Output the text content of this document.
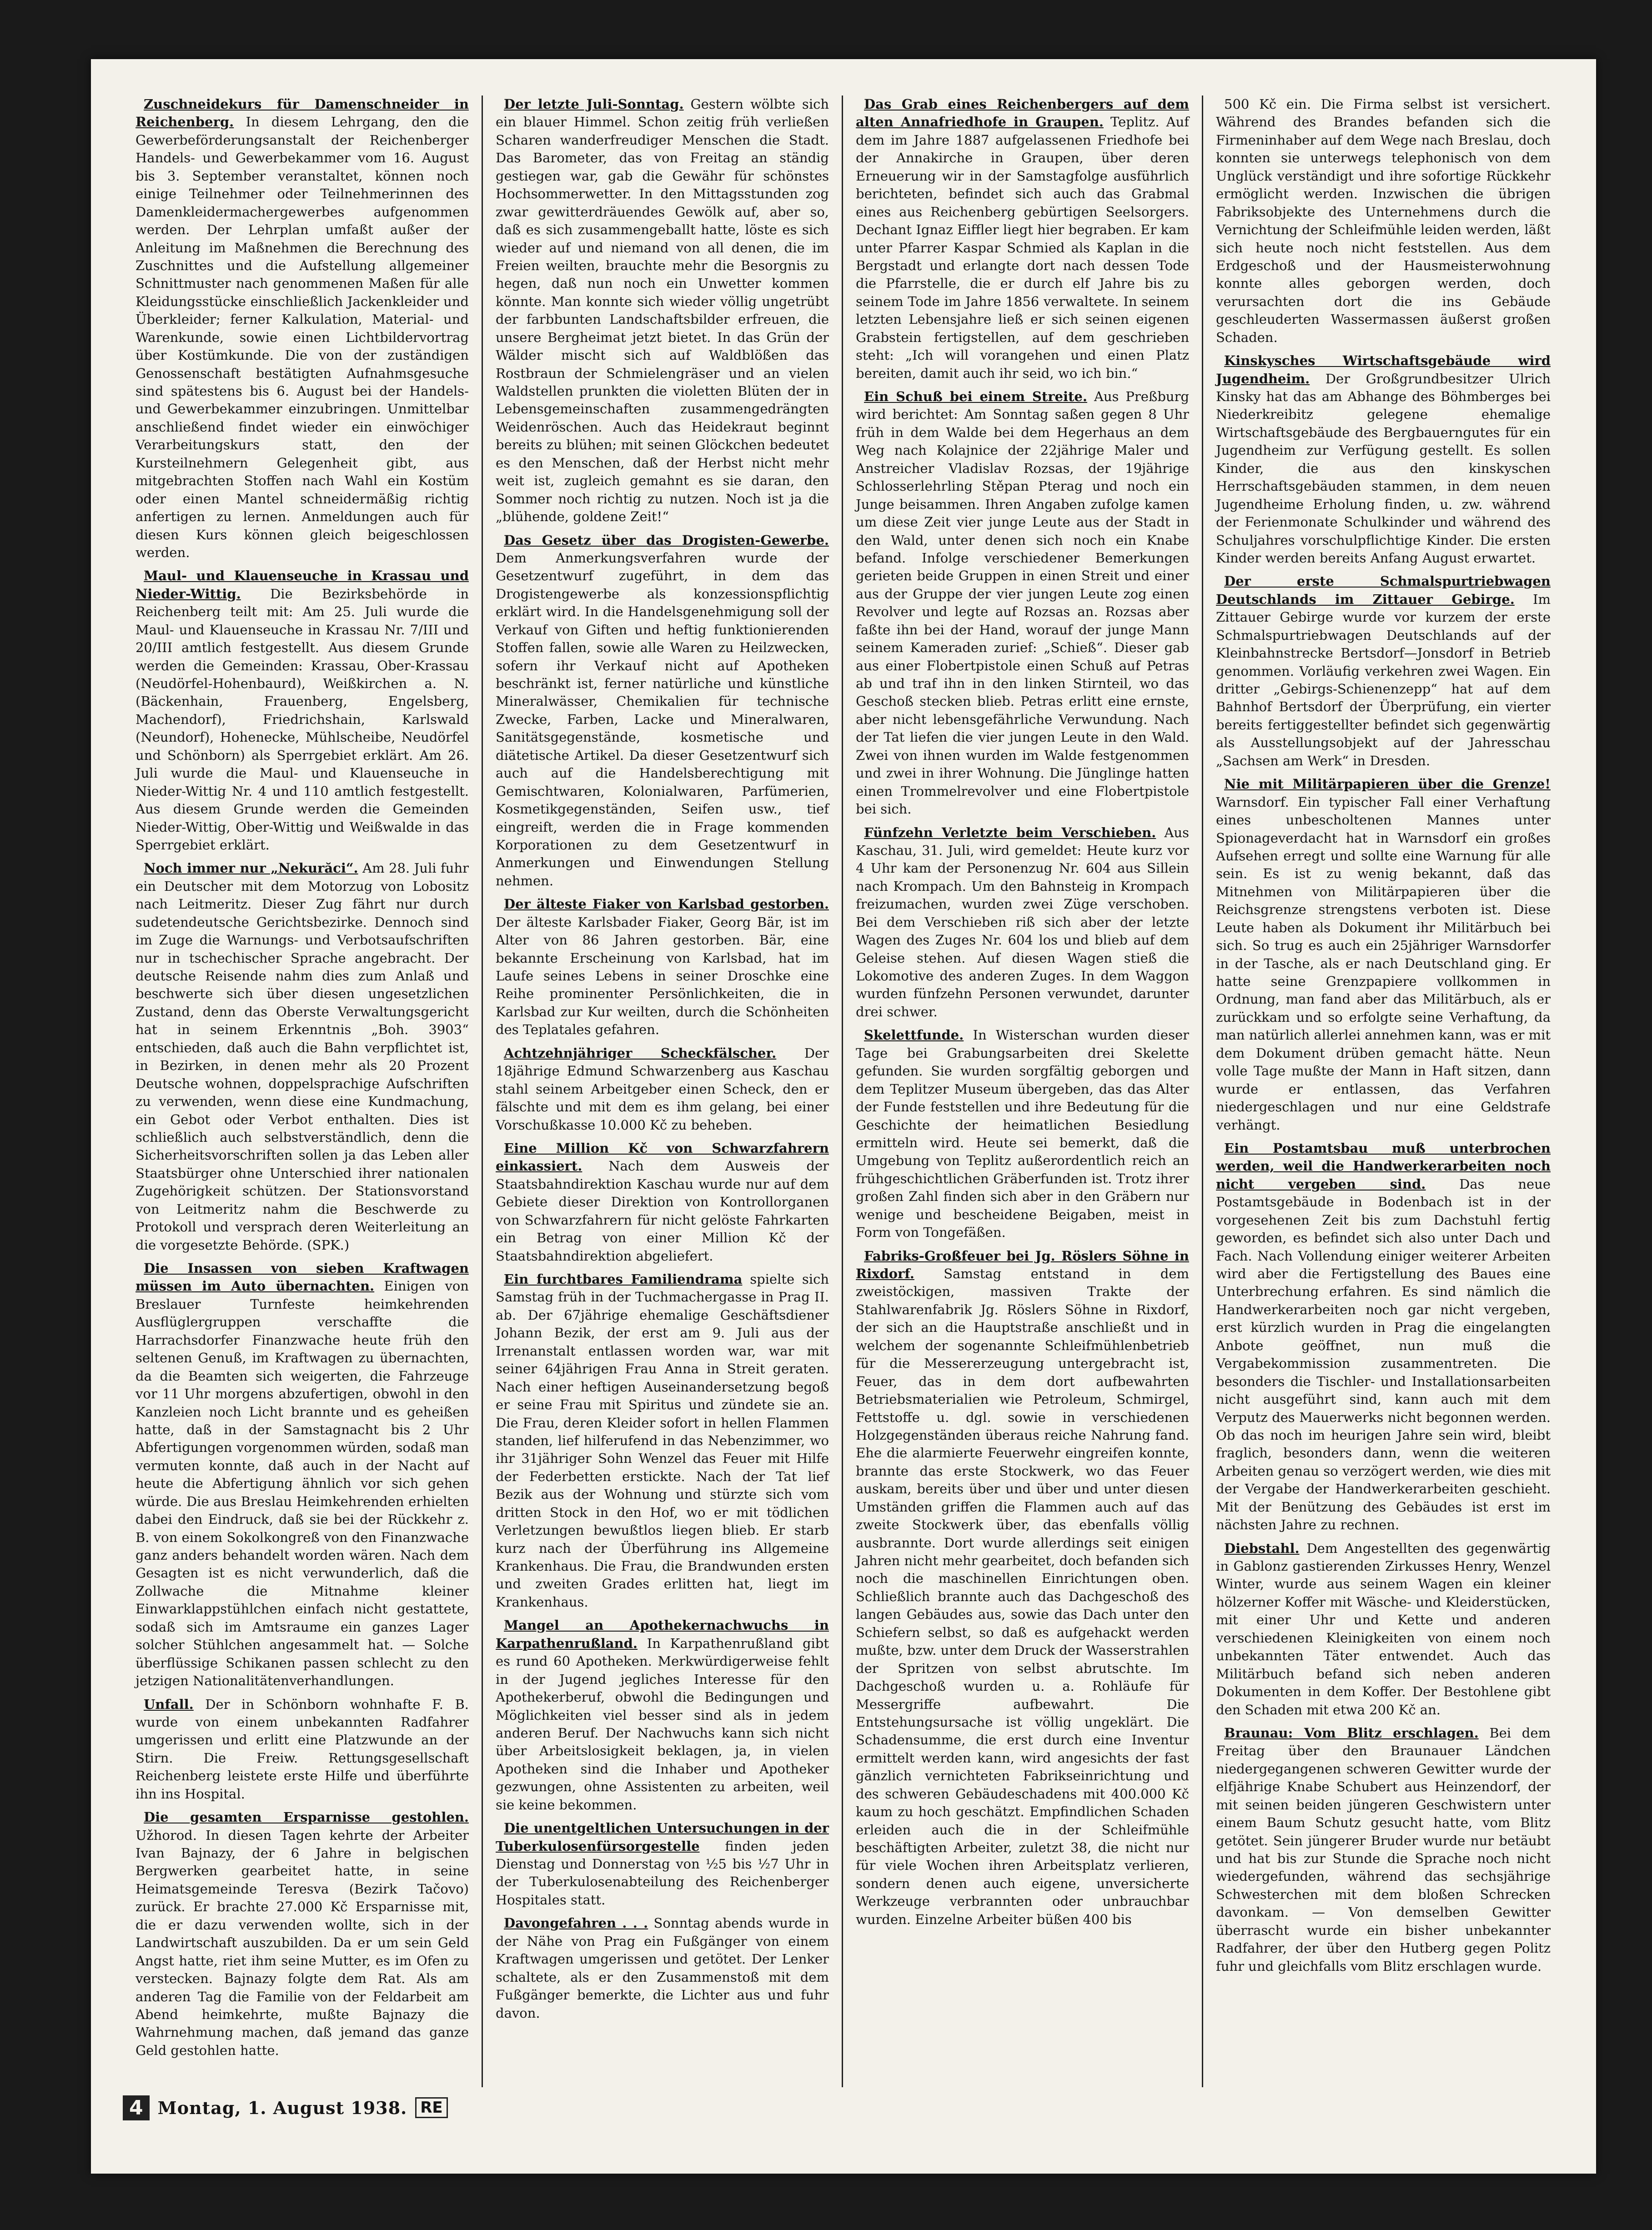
Zuschneidekurs für Damenschneider in Reichenberg. In diesem Lehrgang, den die Gewerbeförderungsanstalt der Reichenberger Handels- und Gewerbekammer vom 16. August bis 3. September veranstaltet, können noch einige Teilnehmer oder Teilnehmerinnen des Damenkleidermachergewerbes aufgenommen werden. Der Lehrplan umfaßt außer der Anleitung im Maßnehmen die Berechnung des Zuschnittes und die Aufstellung allgemeiner Schnittmuster nach genommenen Maßen für alle Kleidungsstücke einschließlich Jackenkleider und Überkleider; ferner Kalkulation, Material- und Warenkunde, sowie einen Lichtbildervortrag über Kostümkunde. Die von der zuständigen Genossenschaft bestätigten Aufnahmsgesuche sind spätestens bis 6. August bei der Handels- und Gewerbekammer einzubringen. Unmittelbar anschließend findet wieder ein einwöchiger Verarbeitungskurs statt, den der Kursteilnehmern Gelegenheit gibt, aus mitgebrachten Stoffen nach Wahl ein Kostüm oder einen Mantel schneidermäßig richtig anfertigen zu lernen. Anmeldungen auch für diesen Kurs können gleich beigeschlossen werden.

Maul- und Klauenseuche in Krassau und Nieder-Wittig. Die Bezirksbehörde in Reichenberg teilt mit: Am 25. Juli wurde die Maul- und Klauenseuche in Krassau Nr. 7/III und 20/III amtlich festgestellt. Aus diesem Grunde werden die Gemeinden: Krassau, Ober-Krassau (Neudörfel-Hohenbaurd), Weißkirchen a. N. (Bäckenhain, Frauenberg, Engelsberg, Machendorf), Friedrichshain, Karlswald (Neundorf), Hohenecke, Mühlscheibe, Neudörfel und Schönborn) als Sperrgebiet erklärt. Am 26. Juli wurde die Maul- und Klauenseuche in Nieder-Wittig Nr. 4 und 110 amtlich festgestellt. Aus diesem Grunde werden die Gemeinden Nieder-Wittig, Ober-Wittig und Weißwalde in das Sperrgebiet erklärt.

Noch immer nur „Nekurăci“. Am 28. Juli fuhr ein Deutscher mit dem Motorzug von Lobositz nach Leitmeritz. Dieser Zug fährt nur durch sudetendeutsche Gerichtsbezirke. Dennoch sind im Zuge die Warnungs- und Verbotsaufschriften nur in tschechischer Sprache angebracht. Der deutsche Reisende nahm dies zum Anlaß und beschwerte sich über diesen ungesetzlichen Zustand, denn das Oberste Verwaltungsgericht hat in seinem Erkenntnis „Boh. 3903“ entschieden, daß auch die Bahn verpflichtet ist, in Bezirken, in denen mehr als 20 Prozent Deutsche wohnen, doppelsprachige Aufschriften zu verwenden, wenn diese eine Kundmachung, ein Gebot oder Verbot enthalten. Dies ist schließlich auch selbstverständlich, denn die Sicherheitsvorschriften sollen ja das Leben aller Staatsbürger ohne Unterschied ihrer nationalen Zugehörigkeit schützen. Der Stationsvorstand von Leitmeritz nahm die Beschwerde zu Protokoll und versprach deren Weiterleitung an die vorgesetzte Behörde. (SPK.)

Die Insassen von sieben Kraftwagen müssen im Auto übernachten. Einigen von Breslauer Turnfeste heimkehrenden Ausflüglergruppen verschaffte die Harrachsdorfer Finanzwache heute früh den seltenen Genuß, im Kraftwagen zu übernachten, da die Beamten sich weigerten, die Fahrzeuge vor 11 Uhr morgens abzufertigen, obwohl in den Kanzleien noch Licht brannte und es geheißen hatte, daß in der Samstagnacht bis 2 Uhr Abfertigungen vorgenommen würden, sodaß man vermuten konnte, daß auch in der Nacht auf heute die Abfertigung ähnlich vor sich gehen würde. Die aus Breslau Heimkehrenden erhielten dabei den Eindruck, daß sie bei der Rückkehr z. B. von einem Sokolkongreß von den Finanzwache ganz anders behandelt worden wären. Nach dem Gesagten ist es nicht verwunderlich, daß die Zollwache die Mitnahme kleiner Einwarklappstühlchen einfach nicht gestattete, sodaß sich im Amtsraume ein ganzes Lager solcher Stühlchen angesammelt hat. — Solche überflüssige Schikanen passen schlecht zu den jetzigen Nationalitätenverhandlungen.

Unfall. Der in Schönborn wohnhafte F. B. wurde von einem unbekannten Radfahrer umgerissen und erlitt eine Platzwunde an der Stirn. Die Freiw. Rettungsgesellschaft Reichenberg leistete erste Hilfe und überführte ihn ins Hospital.

Die gesamten Ersparnisse gestohlen. Užhorod. In diesen Tagen kehrte der Arbeiter Ivan Bajnazy, der 6 Jahre in belgischen Bergwerken gearbeitet hatte, in seine Heimatsgemeinde Teresva (Bezirk Tačovo) zurück. Er brachte 27.000 Kč Ersparnisse mit, die er dazu verwenden wollte, sich in der Landwirtschaft auszubilden. Da er um sein Geld Angst hatte, riet ihm seine Mutter, es im Ofen zu verstecken. Bajnazy folgte dem Rat. Als am anderen Tag die Familie von der Feldarbeit am Abend heimkehrte, mußte Bajnazy die Wahrnehmung machen, daß jemand das ganze Geld gestohlen hatte.

Der letzte Juli-Sonntag. Gestern wölbte sich ein blauer Himmel. Schon zeitig früh verließen Scharen wanderfreudiger Menschen die Stadt. Das Barometer, das von Freitag an ständig gestiegen war, gab die Gewähr für schönstes Hochsommerwetter. In den Mittagsstunden zog zwar gewitterdräuendes Gewölk auf, aber so, daß es sich zusammengeballt hatte, löste es sich wieder auf und niemand von all denen, die im Freien weilten, brauchte mehr die Besorgnis zu hegen, daß nun noch ein Unwetter kommen könnte. Man konnte sich wieder völlig ungetrübt der farbbunten Landschaftsbilder erfreuen, die unsere Bergheimat jetzt bietet. In das Grün der Wälder mischt sich auf Waldblößen das Rostbraun der Schmielengräser und an vielen Waldstellen prunkten die violetten Blüten der in Lebensgemeinschaften zusammengedrängten Weidenröschen. Auch das Heidekraut beginnt bereits zu blühen; mit seinen Glöckchen bedeutet es den Menschen, daß der Herbst nicht mehr weit ist, zugleich gemahnt es sie daran, den Sommer noch richtig zu nutzen. Noch ist ja die „blühende, goldene Zeit!“

Das Gesetz über das Drogisten-Gewerbe. Dem Anmerkungsverfahren wurde der Gesetzentwurf zugeführt, in dem das Drogistengewerbe als konzessionspflichtig erklärt wird. In die Handelsgenehmigung soll der Verkauf von Giften und heftig funktionierenden Stoffen fallen, sowie alle Waren zu Heilzwecken, sofern ihr Verkauf nicht auf Apotheken beschränkt ist, ferner natürliche und künstliche Mineralwässer, Chemikalien für technische Zwecke, Farben, Lacke und Mineralwaren, Sanitätsgegenstände, kosmetische und diätetische Artikel. Da dieser Gesetzentwurf sich auch auf die Handelsberechtigung mit Gemischtwaren, Kolonialwaren, Parfümerien, Kosmetikgegenständen, Seifen usw., tief eingreift, werden die in Frage kommenden Korporationen zu dem Gesetzentwurf in Anmerkungen und Einwendungen Stellung nehmen.

Der älteste Fiaker von Karlsbad gestorben. Der älteste Karlsbader Fiaker, Georg Bär, ist im Alter von 86 Jahren gestorben. Bär, eine bekannte Erscheinung von Karlsbad, hat im Laufe seines Lebens in seiner Droschke eine Reihe prominenter Persönlichkeiten, die in Karlsbad zur Kur weilten, durch die Schönheiten des Teplatales gefahren.

Achtzehnjähriger Scheckfälscher. Der 18jährige Edmund Schwarzenberg aus Kaschau stahl seinem Arbeitgeber einen Scheck, den er fälschte und mit dem es ihm gelang, bei einer Vorschußkasse 10.000 Kč zu beheben.

Eine Million Kč von Schwarzfahrern einkassiert. Nach dem Ausweis der Staatsbahndirektion Kaschau wurde nur auf dem Gebiete dieser Direktion von Kontrollorganen von Schwarzfahrern für nicht gelöste Fahrkarten ein Betrag von einer Million Kč der Staatsbahndirektion abgeliefert.

Ein furchtbares Familiendrama spielte sich Samstag früh in der Tuchmachergasse in Prag II. ab. Der 67jährige ehemalige Geschäftsdiener Johann Bezik, der erst am 9. Juli aus der Irrenanstalt entlassen worden war, war mit seiner 64jährigen Frau Anna in Streit geraten. Nach einer heftigen Auseinandersetzung begoß er seine Frau mit Spiritus und zündete sie an. Die Frau, deren Kleider sofort in hellen Flammen standen, lief hilferufend in das Nebenzimmer, wo ihr 31jähriger Sohn Wenzel das Feuer mit Hilfe der Federbetten erstickte. Nach der Tat lief Bezik aus der Wohnung und stürzte sich vom dritten Stock in den Hof, wo er mit tödlichen Verletzungen bewußtlos liegen blieb. Er starb kurz nach der Überführung ins Allgemeine Krankenhaus. Die Frau, die Brandwunden ersten und zweiten Grades erlitten hat, liegt im Krankenhaus.

Mangel an Apothekernachwuchs in Karpathenrußland. In Karpathenrußland gibt es rund 60 Apotheken. Merkwürdigerweise fehlt in der Jugend jegliches Interesse für den Apothekerberuf, obwohl die Bedingungen und Möglichkeiten viel besser sind als in jedem anderen Beruf. Der Nachwuchs kann sich nicht über Arbeitslosigkeit beklagen, ja, in vielen Apotheken sind die Inhaber und Apotheker gezwungen, ohne Assistenten zu arbeiten, weil sie keine bekommen.

Die unentgeltlichen Untersuchungen in der Tuberkulosenfürsorgestelle finden jeden Dienstag und Donnerstag von ½5 bis ½7 Uhr in der Tuberkulosenabteilung des Reichenberger Hospitales statt.

Davongefahren . . . Sonntag abends wurde in der Nähe von Prag ein Fußgänger von einem Kraftwagen umgerissen und getötet. Der Lenker schaltete, als er den Zusammenstoß mit dem Fußgänger bemerkte, die Lichter aus und fuhr davon.

Das Grab eines Reichenbergers auf dem alten Annafriedhofe in Graupen. Teplitz. Auf dem im Jahre 1887 aufgelassenen Friedhofe bei der Annakirche in Graupen, über deren Erneuerung wir in der Samstagfolge ausführlich berichteten, befindet sich auch das Grabmal eines aus Reichenberg gebürtigen Seelsorgers. Dechant Ignaz Eiffler liegt hier begraben. Er kam unter Pfarrer Kaspar Schmied als Kaplan in die Bergstadt und erlangte dort nach dessen Tode die Pfarrstelle, die er durch elf Jahre bis zu seinem Tode im Jahre 1856 verwaltete. In seinem letzten Lebensjahre ließ er sich seinen eigenen Grabstein fertigstellen, auf dem geschrieben steht: „Ich will vorangehen und einen Platz bereiten, damit auch ihr seid, wo ich bin.“

Ein Schuß bei einem Streite. Aus Preßburg wird berichtet: Am Sonntag saßen gegen 8 Uhr früh in dem Walde bei dem Hegerhaus an dem Weg nach Kolajnice der 22jährige Maler und Anstreicher Vladislav Rozsas, der 19jährige Schlosserlehrling Stěpan Pterag und noch ein Junge beisammen. Ihren Angaben zufolge kamen um diese Zeit vier junge Leute aus der Stadt in den Wald, unter denen sich noch ein Knabe befand. Infolge verschiedener Bemerkungen gerieten beide Gruppen in einen Streit und einer aus der Gruppe der vier jungen Leute zog einen Revolver und legte auf Rozsas an. Rozsas aber faßte ihn bei der Hand, worauf der junge Mann seinem Kameraden zurief: „Schieß“. Dieser gab aus einer Flobertpistole einen Schuß auf Petras ab und traf ihn in den linken Stirnteil, wo das Geschoß stecken blieb. Petras erlitt eine ernste, aber nicht lebensgefährliche Verwundung. Nach der Tat liefen die vier jungen Leute in den Wald. Zwei von ihnen wurden im Walde festgenommen und zwei in ihrer Wohnung. Die Jünglinge hatten einen Trommelrevolver und eine Flobertpistole bei sich.

Fünfzehn Verletzte beim Verschieben. Aus Kaschau, 31. Juli, wird gemeldet: Heute kurz vor 4 Uhr kam der Personenzug Nr. 604 aus Sillein nach Krompach. Um den Bahnsteig in Krompach freizumachen, wurden zwei Züge verschoben. Bei dem Verschieben riß sich aber der letzte Wagen des Zuges Nr. 604 los und blieb auf dem Geleise stehen. Auf diesen Wagen stieß die Lokomotive des anderen Zuges. In dem Waggon wurden fünfzehn Personen verwundet, darunter drei schwer.

Skelettfunde. In Wisterschan wurden dieser Tage bei Grabungsarbeiten drei Skelette gefunden. Sie wurden sorgfältig geborgen und dem Teplitzer Museum übergeben, das das Alter der Funde feststellen und ihre Bedeutung für die Geschichte der heimatlichen Besiedlung ermitteln wird. Heute sei bemerkt, daß die Umgebung von Teplitz außerordentlich reich an frühgeschichtlichen Gräberfunden ist. Trotz ihrer großen Zahl finden sich aber in den Gräbern nur wenige und bescheidene Beigaben, meist in Form von Tongefäßen.

Fabriks-Großfeuer bei Jg. Röslers Söhne in Rixdorf. Samstag entstand in dem zweistöckigen, massiven Trakte der Stahlwarenfabrik Jg. Röslers Söhne in Rixdorf, der sich an die Hauptstraße anschließt und in welchem der sogenannte Schleifmühlenbetrieb für die Messererzeugung untergebracht ist, Feuer, das in dem dort aufbewahrten Betriebsmaterialien wie Petroleum, Schmirgel, Fettstoffe u. dgl. sowie in verschiedenen Holzgegenständen überaus reiche Nahrung fand. Ehe die alarmierte Feuerwehr eingreifen konnte, brannte das erste Stockwerk, wo das Feuer auskam, bereits über und über und unter diesen Umständen griffen die Flammen auch auf das zweite Stockwerk über, das ebenfalls völlig ausbrannte. Dort wurde allerdings seit einigen Jahren nicht mehr gearbeitet, doch befanden sich noch die maschinellen Einrichtungen oben. Schließlich brannte auch das Dachgeschoß des langen Gebäudes aus, sowie das Dach unter den Schiefern selbst, so daß es aufgehackt werden mußte, bzw. unter dem Druck der Wasserstrahlen der Spritzen von selbst abrutschte. Im Dachgeschoß wurden u. a. Rohläufe für Messergriffe aufbewahrt. Die Entstehungsursache ist völlig ungeklärt. Die Schadensumme, die erst durch eine Inventur ermittelt werden kann, wird angesichts der fast gänzlich vernichteten Fabrikseinrichtung und des schweren Gebäudeschadens mit 400.000 Kč kaum zu hoch geschätzt. Empfindlichen Schaden erleiden auch die in der Schleifmühle beschäftigten Arbeiter, zuletzt 38, die nicht nur für viele Wochen ihren Arbeitsplatz verlieren, sondern denen auch eigene, unversicherte Werkzeuge verbrannten oder unbrauchbar wurden. Einzelne Arbeiter büßen 400 bis

500 Kč ein. Die Firma selbst ist versichert. Während des Brandes befanden sich die Firmeninhaber auf dem Wege nach Breslau, doch konnten sie unterwegs telephonisch von dem Unglück verständigt und ihre sofortige Rückkehr ermöglicht werden. Inzwischen die übrigen Fabriksobjekte des Unternehmens durch die Vernichtung der Schleifmühle leiden werden, läßt sich heute noch nicht feststellen. Aus dem Erdgeschoß und der Hausmeisterwohnung konnte alles geborgen werden, doch verursachten dort die ins Gebäude geschleuderten Wassermassen äußerst großen Schaden.

Kinskysches Wirtschaftsgebäude wird Jugendheim. Der Großgrundbesitzer Ulrich Kinsky hat das am Abhange des Böhmberges bei Niederkreibitz gelegene ehemalige Wirtschaftsgebäude des Bergbauerngutes für ein Jugendheim zur Verfügung gestellt. Es sollen Kinder, die aus den kinskyschen Herrschaftsgebäuden stammen, in dem neuen Jugendheime Erholung finden, u. zw. während der Ferienmonate Schulkinder und während des Schuljahres vorschulpflichtige Kinder. Die ersten Kinder werden bereits Anfang August erwartet.

Der erste Schmalspurtriebwagen Deutschlands im Zittauer Gebirge. Im Zittauer Gebirge wurde vor kurzem der erste Schmalspurtriebwagen Deutschlands auf der Kleinbahnstrecke Bertsdorf—Jonsdorf in Betrieb genommen. Vorläufig verkehren zwei Wagen. Ein dritter „Gebirgs-Schienenzepp“ hat auf dem Bahnhof Bertsdorf der Überprüfung, ein vierter bereits fertiggestellter befindet sich gegenwärtig als Ausstellungsobjekt auf der Jahresschau „Sachsen am Werk“ in Dresden.

Nie mit Militärpapieren über die Grenze! Warnsdorf. Ein typischer Fall einer Verhaftung eines unbescholtenen Mannes unter Spionageverdacht hat in Warnsdorf ein großes Aufsehen erregt und sollte eine Warnung für alle sein. Es ist zu wenig bekannt, daß das Mitnehmen von Militärpapieren über die Reichsgrenze strengstens verboten ist. Diese Leute haben als Dokument ihr Militärbuch bei sich. So trug es auch ein 25jähriger Warnsdorfer in der Tasche, als er nach Deutschland ging. Er hatte seine Grenzpapiere vollkommen in Ordnung, man fand aber das Militärbuch, als er zurückkam und so erfolgte seine Verhaftung, da man natürlich allerlei annehmen kann, was er mit dem Dokument drüben gemacht hätte. Neun volle Tage mußte der Mann in Haft sitzen, dann wurde er entlassen, das Verfahren niedergeschlagen und nur eine Geldstrafe verhängt.

Ein Postamtsbau muß unterbrochen werden, weil die Handwerkerarbeiten noch nicht vergeben sind.	Das neue Postamtsgebäude in Bodenbach ist in der vorgesehenen Zeit bis zum Dachstuhl fertig geworden, es befindet sich also unter Dach und Fach. Nach Vollendung einiger weiterer Arbeiten wird aber die Fertigstellung des Baues eine Unterbrechung erfahren. Es sind nämlich die Handwerkerarbeiten noch gar nicht vergeben, erst kürzlich wurden in Prag die eingelangten Anbote geöffnet, nun muß die Vergabekommission zusammentreten. Die besonders die Tischler- und Installationsarbeiten nicht ausgeführt sind, kann auch mit dem Verputz des Mauerwerks nicht begonnen werden. Ob das noch im heurigen Jahre sein wird, bleibt fraglich, besonders dann, wenn die weiteren Arbeiten genau so verzögert werden, wie dies mit der Vergabe der Handwerkerarbeiten geschieht. Mit der Benützung des Gebäudes ist erst im nächsten Jahre zu rechnen.

Diebstahl. Dem Angestellten des gegenwärtig in Gablonz gastierenden Zirkusses Henry, Wenzel Winter, wurde aus seinem Wagen ein kleiner hölzerner Koffer mit Wäsche- und Kleiderstücken, mit einer Uhr und Kette und anderen verschiedenen Kleinigkeiten von einem noch unbekannten Täter entwendet. Auch das Militärbuch befand sich neben anderen Dokumenten in dem Koffer. Der Bestohlene gibt den Schaden mit etwa 200 Kč an.

Braunau: Vom Blitz erschlagen. Bei dem Freitag über den Braunauer Ländchen niedergegangenen schweren Gewitter wurde der elfjährige Knabe Schubert aus Heinzendorf, der mit seinen beiden jüngeren Geschwistern unter einem Baum Schutz gesucht hatte, vom Blitz getötet. Sein jüngerer Bruder wurde nur betäubt und hat bis zur Stunde die Sprache noch nicht wiedergefunden, während das sechsjährige Schwesterchen mit dem bloßen Schrecken davonkam. — Von demselben Gewitter überrascht wurde ein bisher unbekannter Radfahrer, der über den Hutberg gegen Politz fuhr und gleichfalls vom Blitz erschlagen wurde.

4 Montag, 1. August 1938. RE
